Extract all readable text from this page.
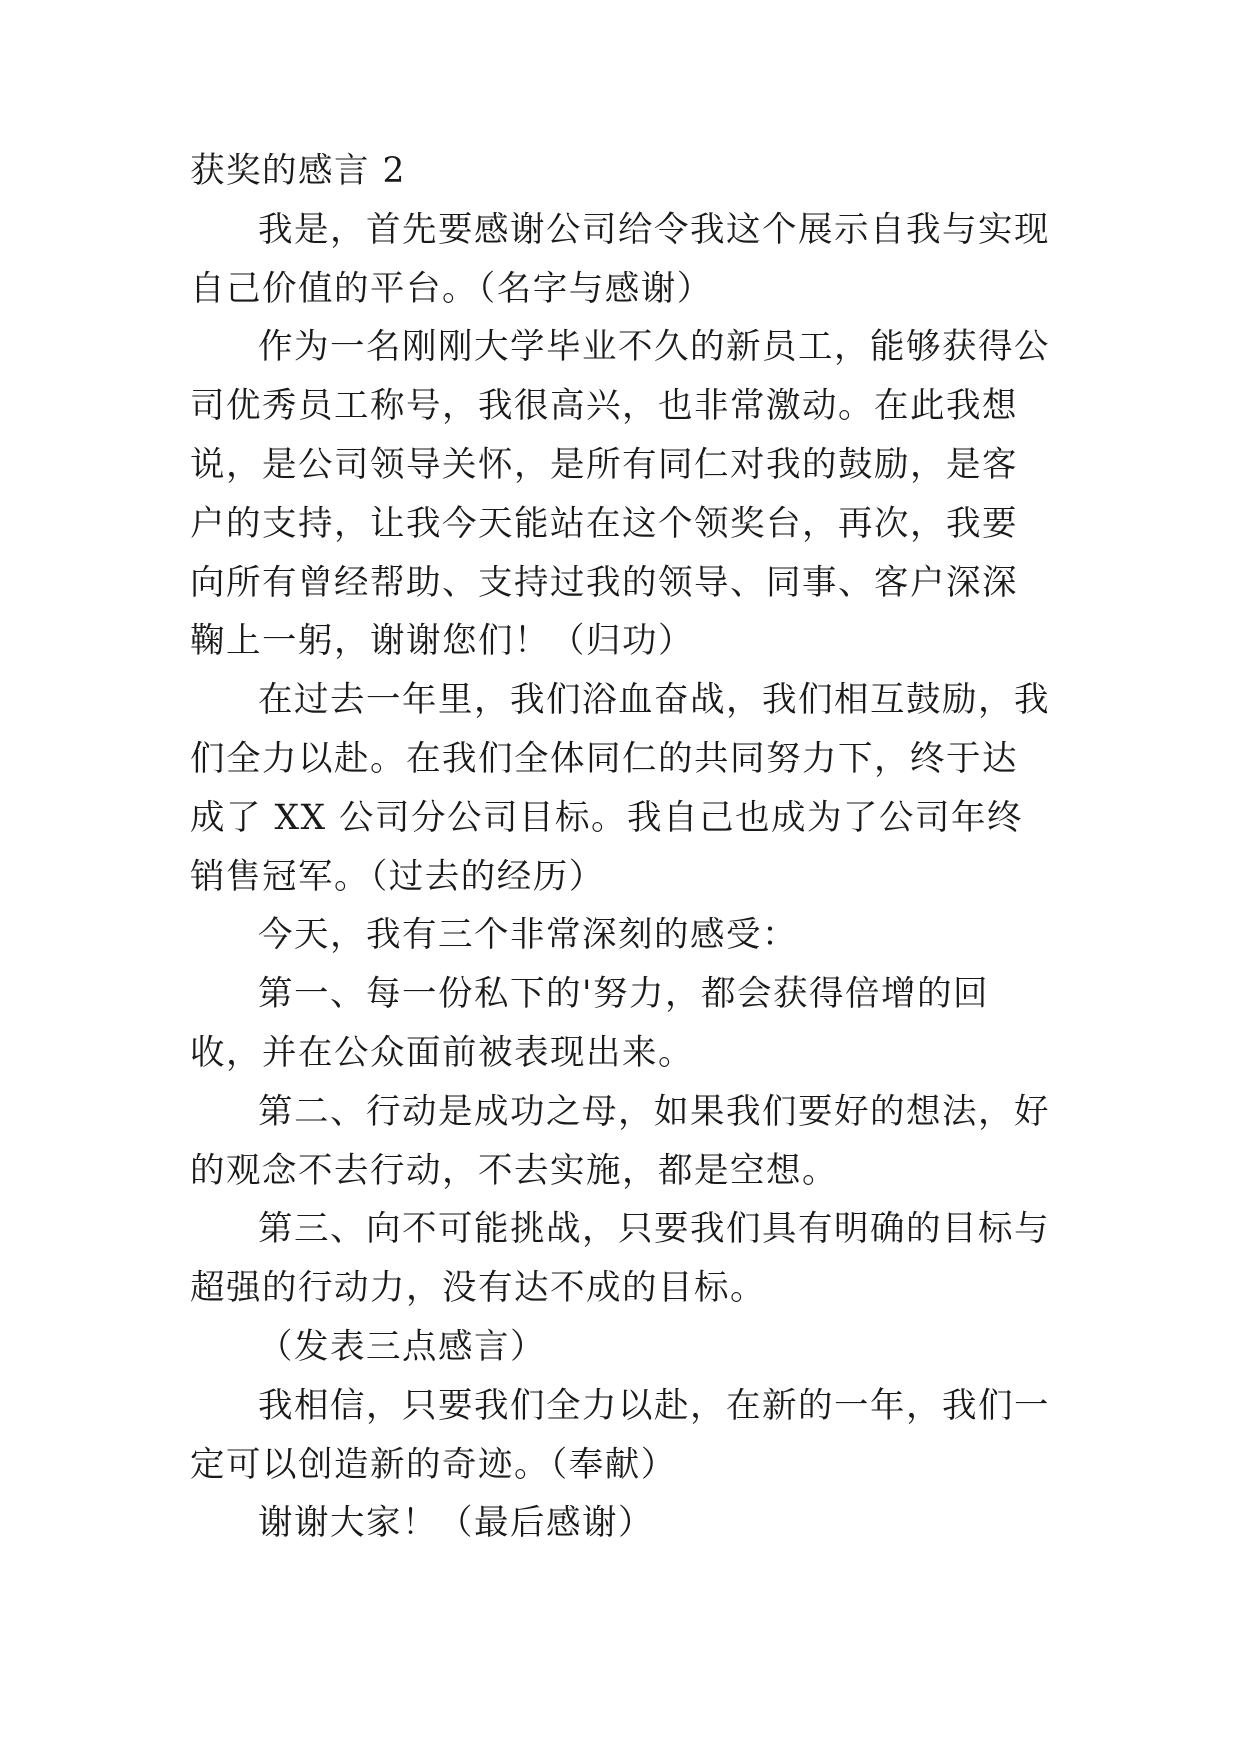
获奖的感言 2

我是，首先要感谢公司给令我这个展示自我与实现自己价值的平台。（名字与感谢）

作为一名刚刚大学毕业不久的新员工，能够获得公司优秀员工称号，我很高兴，也非常激动。在此我想说，是公司领导关怀，是所有同仁对我的鼓励，是客户的支持，让我今天能站在这个领奖台，再次，我要向所有曾经帮助、支持过我的领导、同事、客户深深鞠上一躬，谢谢您们！（归功）

在过去一年里，我们浴血奋战，我们相互鼓励，我们全力以赴。在我们全体同仁的共同努力下，终于达成了 XX 公司分公司目标。我自己也成为了公司年终销售冠军。（过去的经历）

今天，我有三个非常深刻的感受：

第一、每一份私下的'努力，都会获得倍增的回收，并在公众面前被表现出来。

第二、行动是成功之母，如果我们要好的想法，好的观念不去行动，不去实施，都是空想。

第三、向不可能挑战，只要我们具有明确的目标与超强的行动力，没有达不成的目标。

（发表三点感言）

我相信，只要我们全力以赴，在新的一年，我们一定可以创造新的奇迹。（奉献）

谢谢大家！（最后感谢）
